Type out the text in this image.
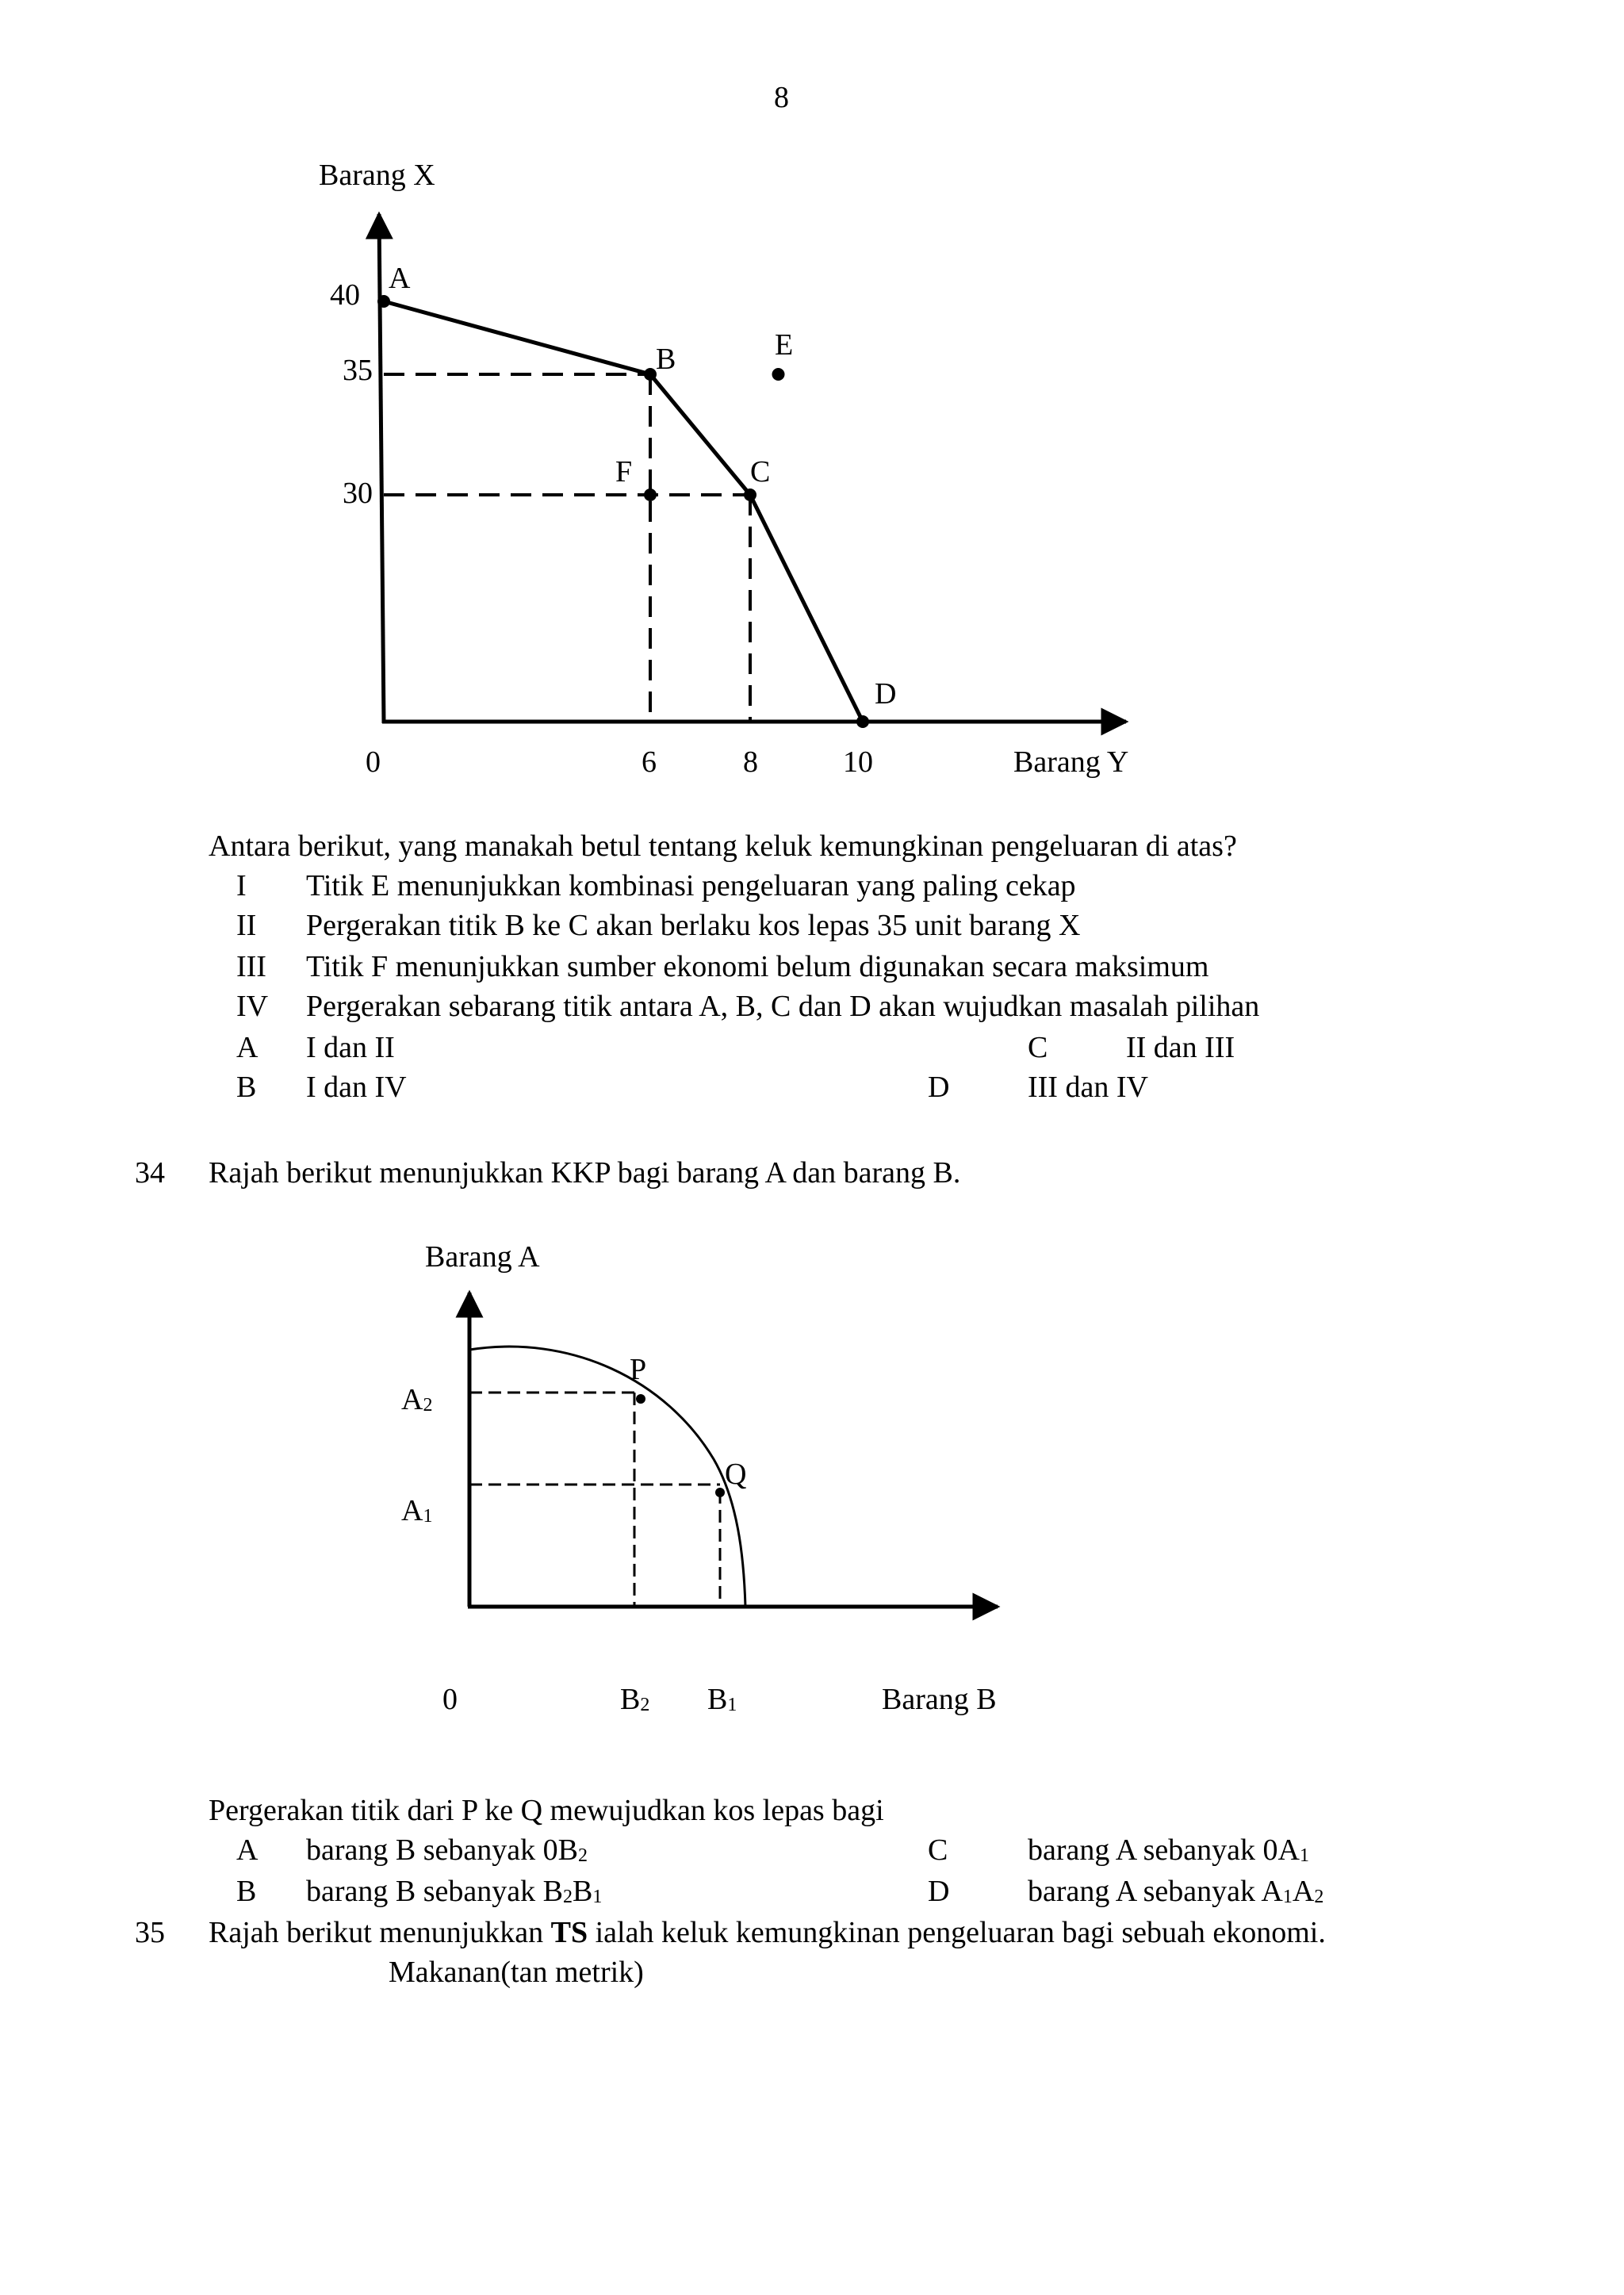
8
Barang X
40
35
30
0	6	8	10	Barang Y
A
B
C
D
E
F
Antara berikut, yang manakah betul tentang keluk kemungkinan pengeluaran di atas?
I Titik E menunjukkan kombinasi pengeluaran yang paling cekap
II Pergerakan titik B ke C akan berlaku kos lepas 35 unit barang X
III Titik F menunjukkan sumber ekonomi belum digunakan secara maksimum
IV Pergerakan sebarang titik antara A, B, C dan D akan wujudkan masalah pilihan
A I dan II	C	II dan III
B I dan IV	D	III dan IV
34 Rajah berikut menunjukkan KKP bagi barang A dan barang B.
Barang A
P
Q
$A_2$
$A_1$
0	$B_2$ $B_1$	Barang B
Pergerakan titik dari P ke Q mewujudkan kos lepas bagi
A barang B sebanyak $0B_2$	C	barang A sebanyak $0A_1$
B barang B sebanyak $B_2B_1$	D	barang A sebanyak $A_1A_2$
35 Rajah berikut menunjukkan TS ialah keluk kemungkinan pengeluaran bagi sebuah ekonomi.
Makanan(tan metrik)
